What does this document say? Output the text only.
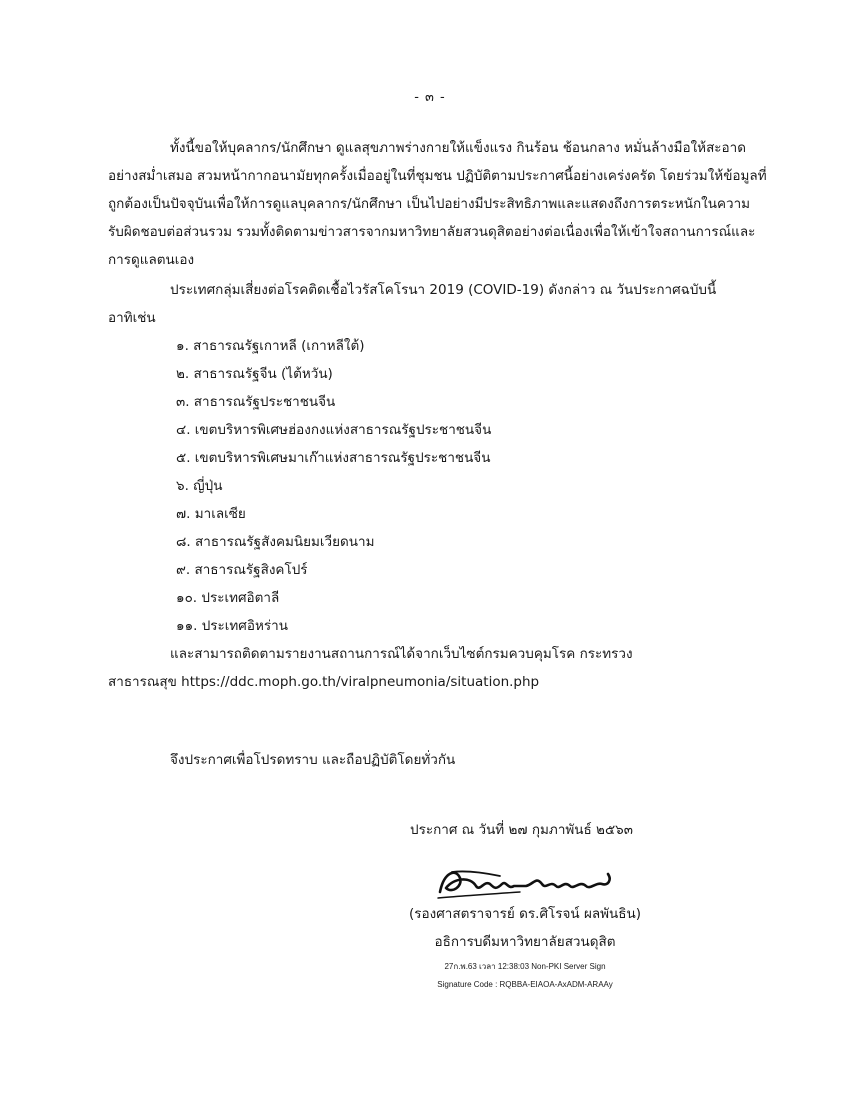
- ๓ -
ทั้งนี้ขอให้บุคลากร/นักศึกษา ดูแลสุขภาพร่างกายให้แข็งแรง กินร้อน ช้อนกลาง หมั่นล้างมือให้สะอาด
อย่างสม่ำเสมอ สวมหน้ากากอนามัยทุกครั้งเมื่ออยู่ในที่ชุมชน ปฏิบัติตามประกาศนี้อย่างเคร่งครัด โดยร่วมให้ข้อมูลที่
ถูกต้องเป็นปัจจุบันเพื่อให้การดูแลบุคลากร/นักศึกษา เป็นไปอย่างมีประสิทธิภาพและแสดงถึงการตระหนักในความ
รับผิดชอบต่อส่วนรวม รวมทั้งติดตามข่าวสารจากมหาวิทยาลัยสวนดุสิตอย่างต่อเนื่องเพื่อให้เข้าใจสถานการณ์และ
การดูแลตนเอง
ประเทศกลุ่มเสี่ยงต่อโรคติดเชื้อไวรัสโคโรนา 2019 (COVID-19) ดังกล่าว ณ วันประกาศฉบับนี้
อาทิเช่น
๑. สาธารณรัฐเกาหลี (เกาหลีใต้)
๒. สาธารณรัฐจีน (ไต้หวัน)
๓. สาธารณรัฐประชาชนจีน
๔. เขตบริหารพิเศษฮ่องกงแห่งสาธารณรัฐประชาชนจีน
๕. เขตบริหารพิเศษมาเก๊าแห่งสาธารณรัฐประชาชนจีน
๖. ญี่ปุ่น
๗. มาเลเซีย
๘. สาธารณรัฐสังคมนิยมเวียดนาม
๙. สาธารณรัฐสิงคโปร์
๑๐. ประเทศอิตาลี
๑๑. ประเทศอิหร่าน
และสามารถติดตามรายงานสถานการณ์ได้จากเว็บไซต์กรมควบคุมโรค กระทรวง
สาธารณสุข https://ddc.moph.go.th/viralpneumonia/situation.php
จึงประกาศเพื่อโปรดทราบ และถือปฏิบัติโดยทั่วกัน
ประกาศ ณ วันที่ ๒๗ กุมภาพันธ์ ๒๕๖๓
(รองศาสตราจารย์ ดร.ศิโรจน์ ผลพันธิน)
อธิการบดีมหาวิทยาลัยสวนดุสิต
27ก.พ.63 เวลา 12:38:03 Non-PKI Server Sign
Signature Code : RQBBA-EIAOA-AxADM-ARAAy
